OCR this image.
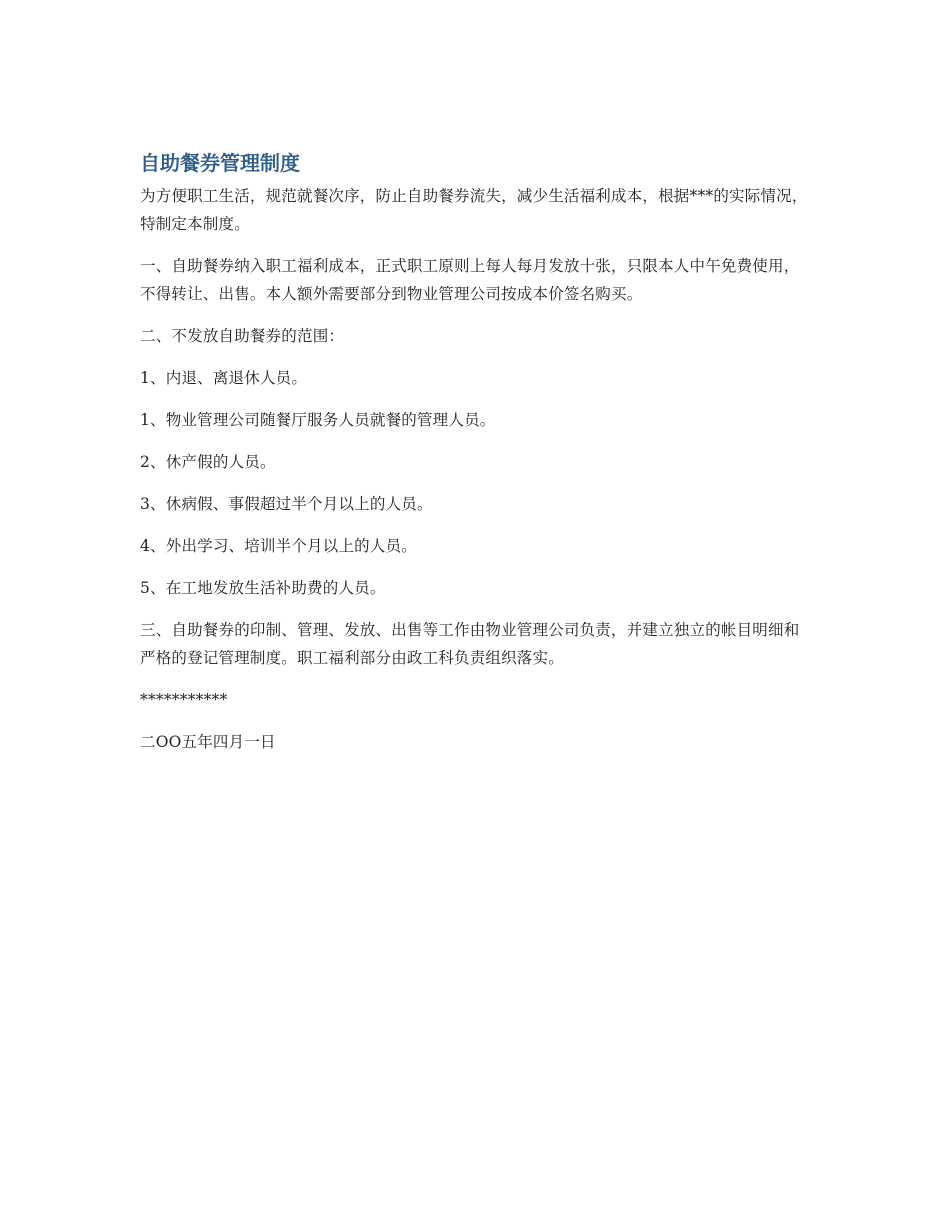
自助餐券管理制度

为方便职工生活，规范就餐次序，防止自助餐券流失，减少生活福利成本，根据***的实际情况，特制定本制度。

一、自助餐券纳入职工福利成本，正式职工原则上每人每月发放十张，只限本人中午免费使用，不得转让、出售。本人额外需要部分到物业管理公司按成本价签名购买。

二、不发放自助餐券的范围：

1、内退、离退休人员。

1、物业管理公司随餐厅服务人员就餐的管理人员。

2、休产假的人员。

3、休病假、事假超过半个月以上的人员。

4、外出学习、培训半个月以上的人员。

5、在工地发放生活补助费的人员。

三、自助餐券的印制、管理、发放、出售等工作由物业管理公司负责，并建立独立的帐目明细和严格的登记管理制度。职工福利部分由政工科负责组织落实。

***********

二OO五年四月一日
